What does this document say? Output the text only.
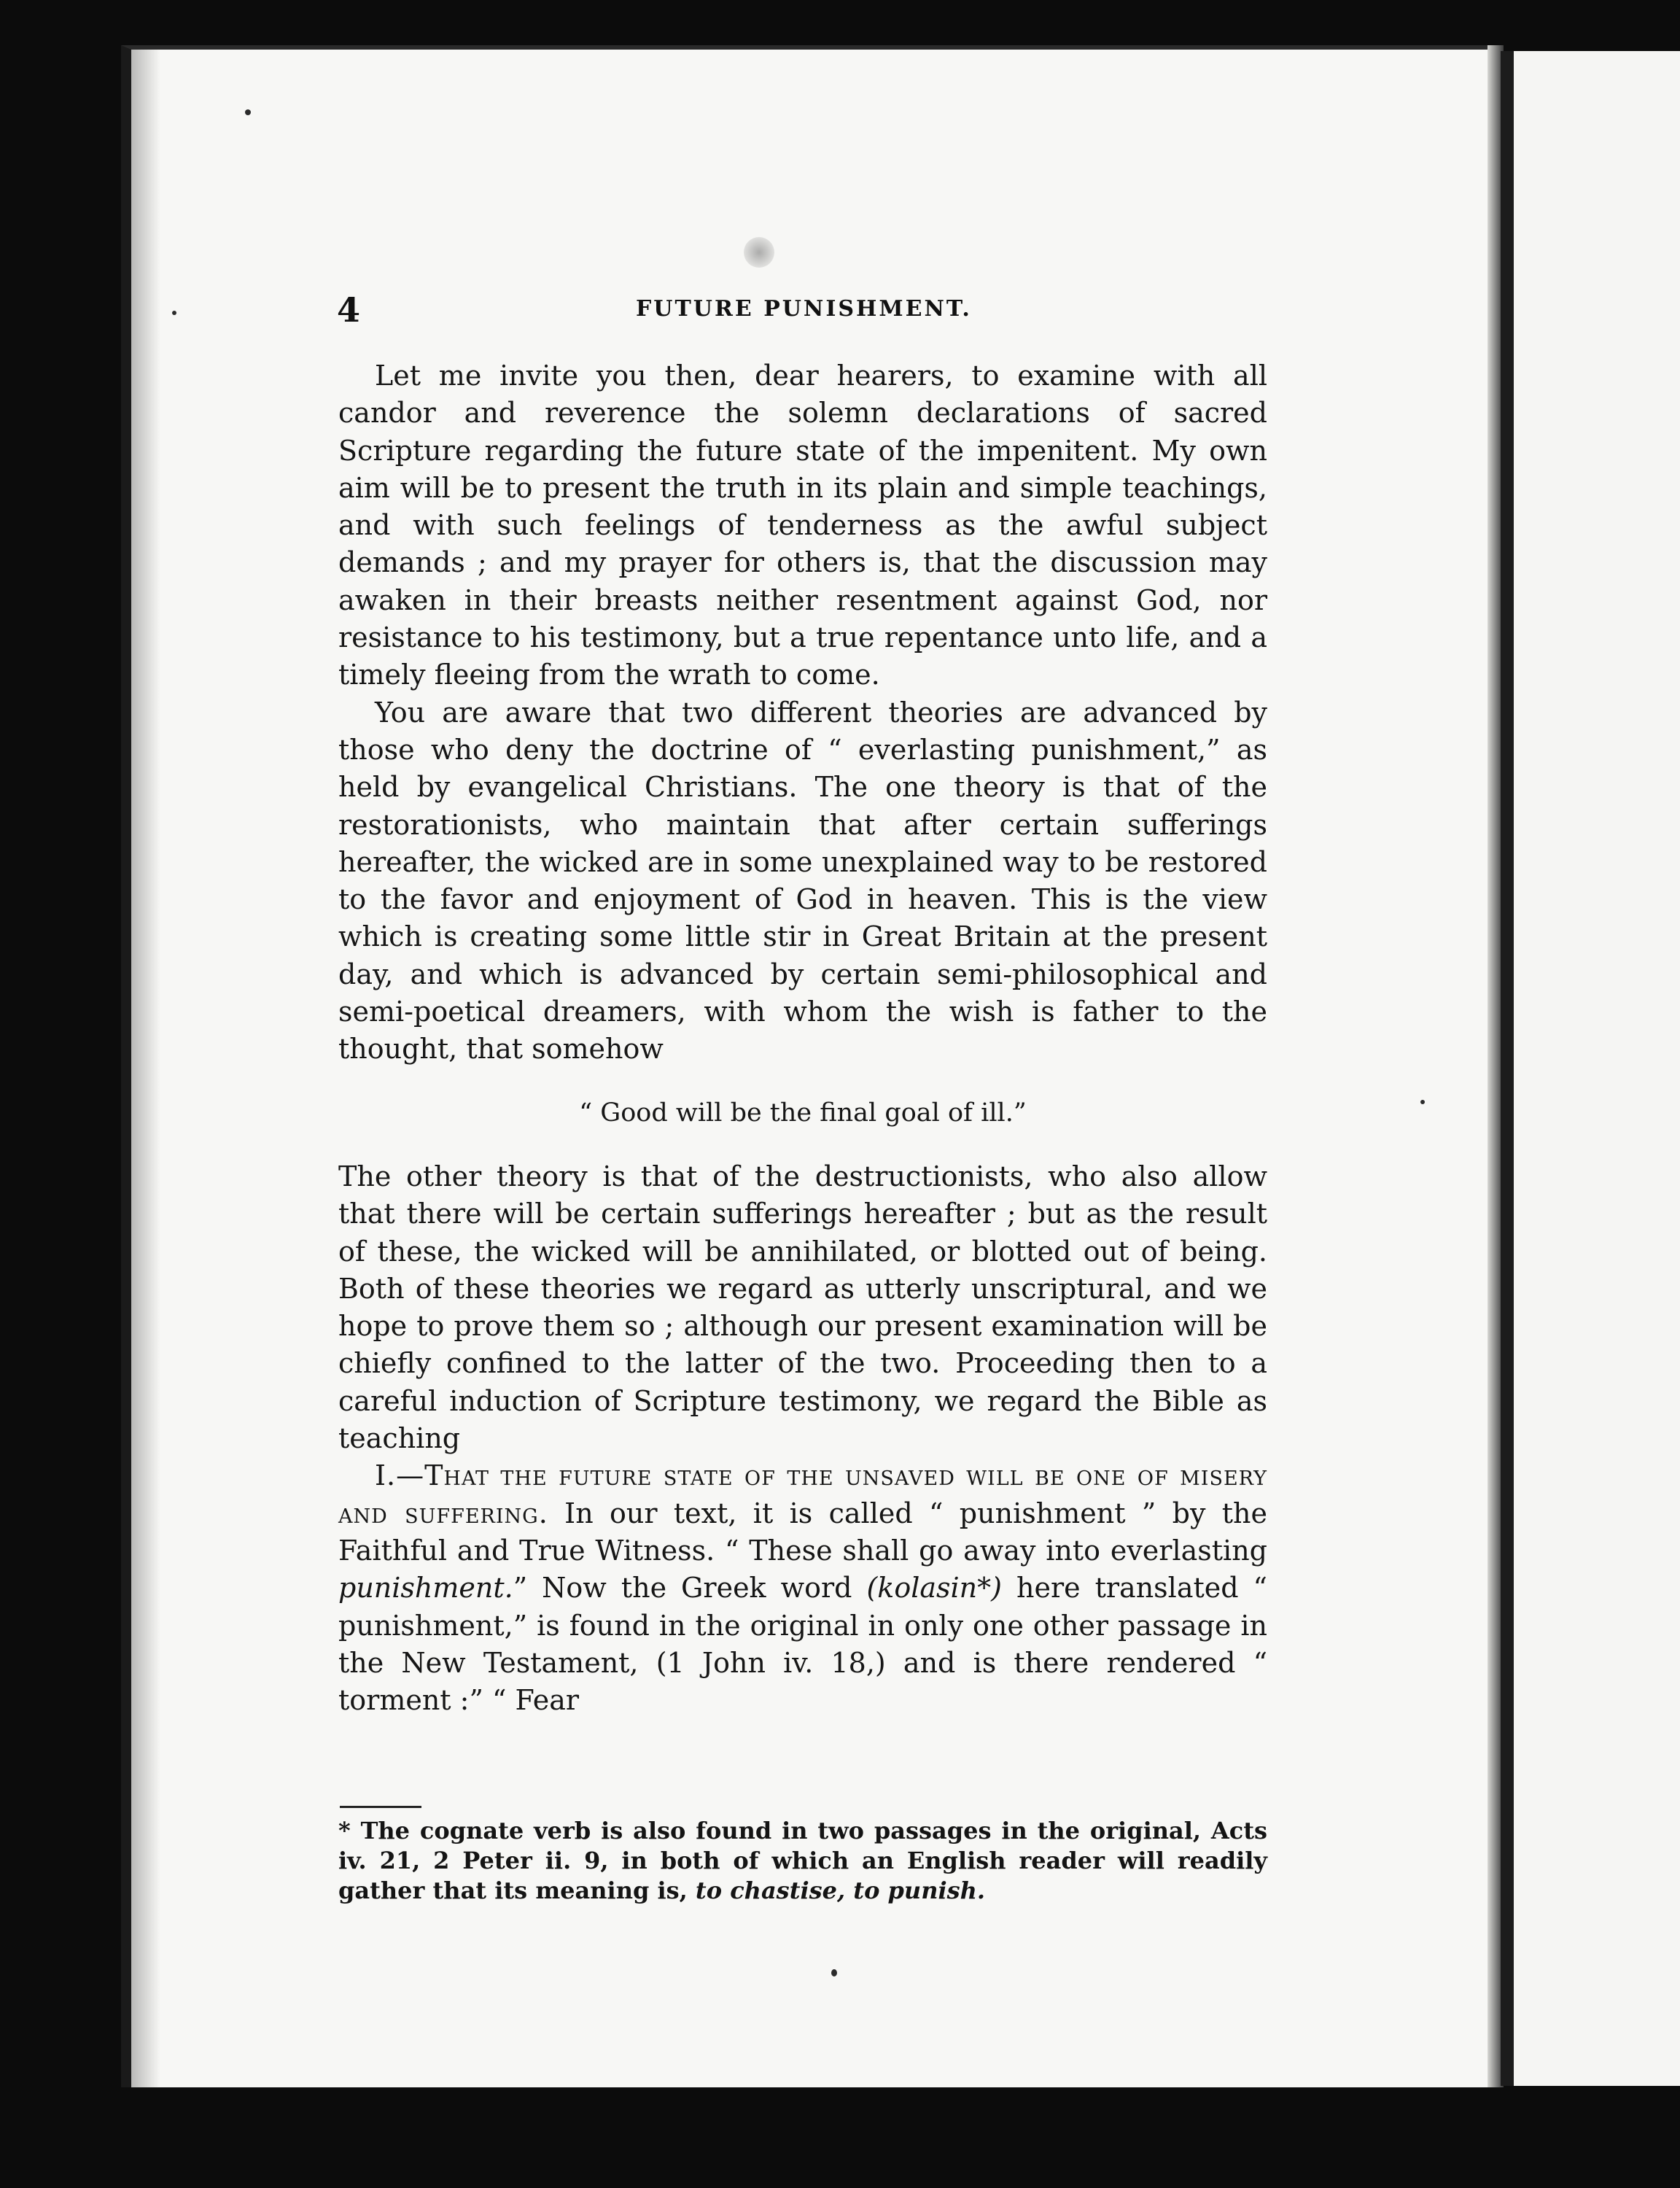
4	FUTURE PUNISHMENT.

Let me invite you then, dear hearers, to examine with all candor and reverence the solemn declarations of sacred Scripture regarding the future state of the impenitent. My own aim will be to present the truth in its plain and simple teachings, and with such feelings of tenderness as the awful subject demands ; and my prayer for others is, that the discussion may awaken in their breasts neither resentment against God, nor resistance to his testimony, but a true repentance unto life, and a timely fleeing from the wrath to come.

You are aware that two different theories are advanced by those who deny the doctrine of “ everlasting punishment,” as held by evangelical Christians. The one theory is that of the restorationists, who maintain that after certain sufferings hereafter, the wicked are in some unexplained way to be restored to the favor and enjoyment of God in heaven. This is the view which is creating some little stir in Great Britain at the present day, and which is advanced by certain semi-philosophical and semi-poetical dreamers, with whom the wish is father to the thought, that somehow

“ Good will be the final goal of ill.”

The other theory is that of the destructionists, who also allow that there will be certain sufferings hereafter ; but as the result of these, the wicked will be annihilated, or blotted out of being. Both of these theories we regard as utterly unscriptural, and we hope to prove them so ; although our present examination will be chiefly confined to the latter of the two. Proceeding then to a careful induction of Scripture testimony, we regard the Bible as teaching

I.—That the future state of the unsaved will be one of misery and suffering. In our text, it is called “ punishment ” by the Faithful and True Witness. “ These shall go away into everlasting punishment.” Now the Greek word (kolasin*) here translated “ punishment,” is found in the original in only one other passage in the New Testament, (1 John iv. 18,) and is there rendered “ torment :” “ Fear

* The cognate verb is also found in two passages in the original, Acts iv. 21, 2 Peter ii. 9, in both of which an English reader will readily gather that its meaning is, to chastise, to punish.
